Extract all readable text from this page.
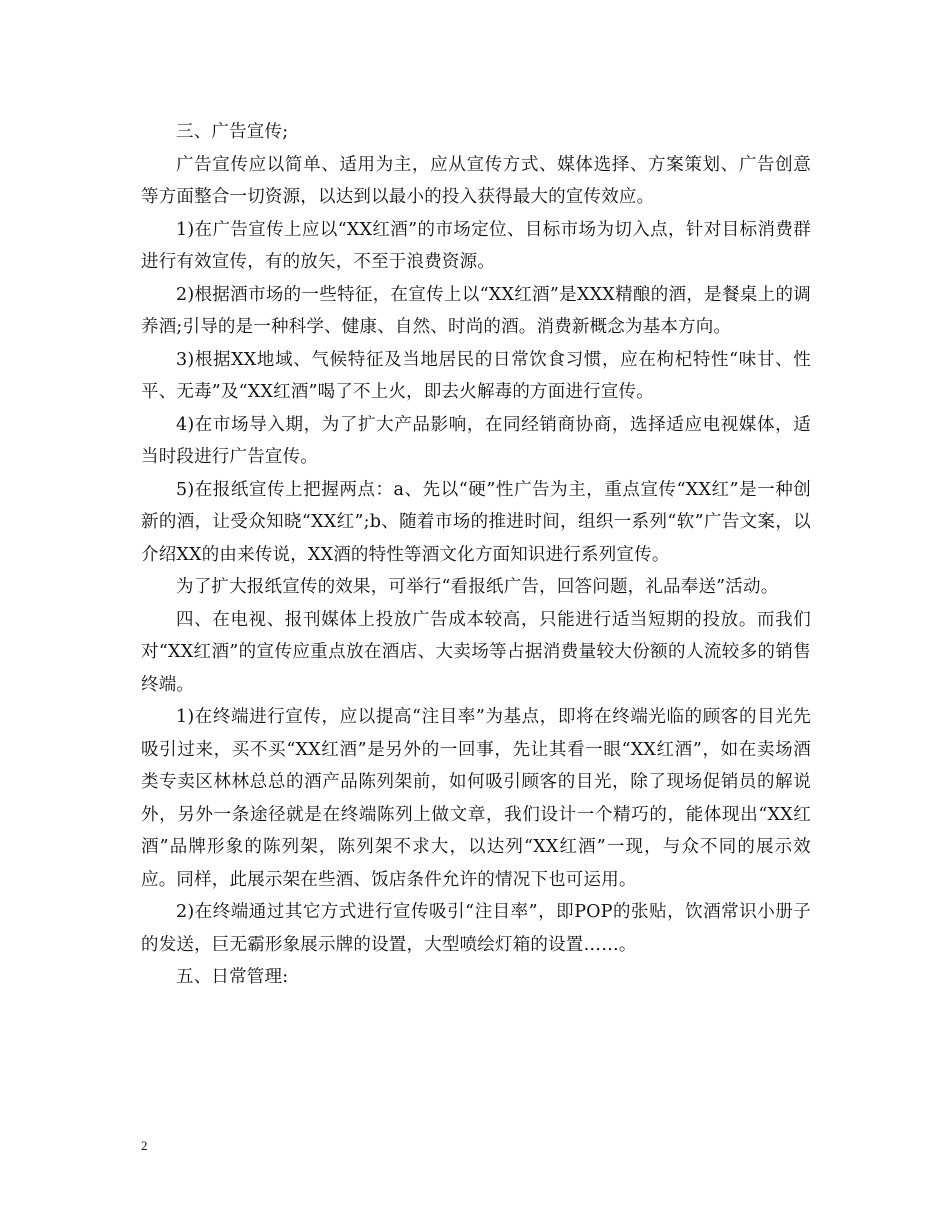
三、广告宣传;

广告宣传应以简单、适用为主，应从宣传方式、媒体选择、方案策划、广告创意等方面整合一切资源，以达到以最小的投入获得最大的宣传效应。

1)在广告宣传上应以“XX红酒”的市场定位、目标市场为切入点，针对目标消费群进行有效宣传，有的放矢，不至于浪费资源。

2)根据酒市场的一些特征，在宣传上以“XX红酒”是XXX精酿的酒，是餐桌上的调养酒;引导的是一种科学、健康、自然、时尚的酒。消费新概念为基本方向。

3)根据XX地域、气候特征及当地居民的日常饮食习惯，应在枸杞特性“味甘、性平、无毒”及“XX红酒”喝了不上火，即去火解毒的方面进行宣传。

4)在市场导入期，为了扩大产品影响，在同经销商协商，选择适应电视媒体，适当时段进行广告宣传。

5)在报纸宣传上把握两点：a、先以“硬”性广告为主，重点宣传“XX红”是一种创新的酒，让受众知晓“XX红”;b、随着市场的推进时间，组织一系列“软”广告文案，以介绍XX的由来传说，XX酒的特性等酒文化方面知识进行系列宣传。

为了扩大报纸宣传的效果，可举行“看报纸广告，回答问题，礼品奉送”活动。

四、在电视、报刊媒体上投放广告成本较高，只能进行适当短期的投放。而我们对“XX红酒”的宣传应重点放在酒店、大卖场等占据消费量较大份额的人流较多的销售终端。

1)在终端进行宣传，应以提高“注目率”为基点，即将在终端光临的顾客的目光先吸引过来，买不买“XX红酒”是另外的一回事，先让其看一眼“XX红酒”，如在卖场酒类专卖区林林总总的酒产品陈列架前，如何吸引顾客的目光，除了现场促销员的解说外，另外一条途径就是在终端陈列上做文章，我们设计一个精巧的，能体现出“XX红酒”品牌形象的陈列架，陈列架不求大，以达列“XX红酒”一现，与众不同的展示效应。同样，此展示架在些酒、饭店条件允许的情况下也可运用。

2)在终端通过其它方式进行宣传吸引“注目率”，即POP的张贴，饮酒常识小册子的发送，巨无霸形象展示牌的设置，大型喷绘灯箱的设置……。

五、日常管理:

2
